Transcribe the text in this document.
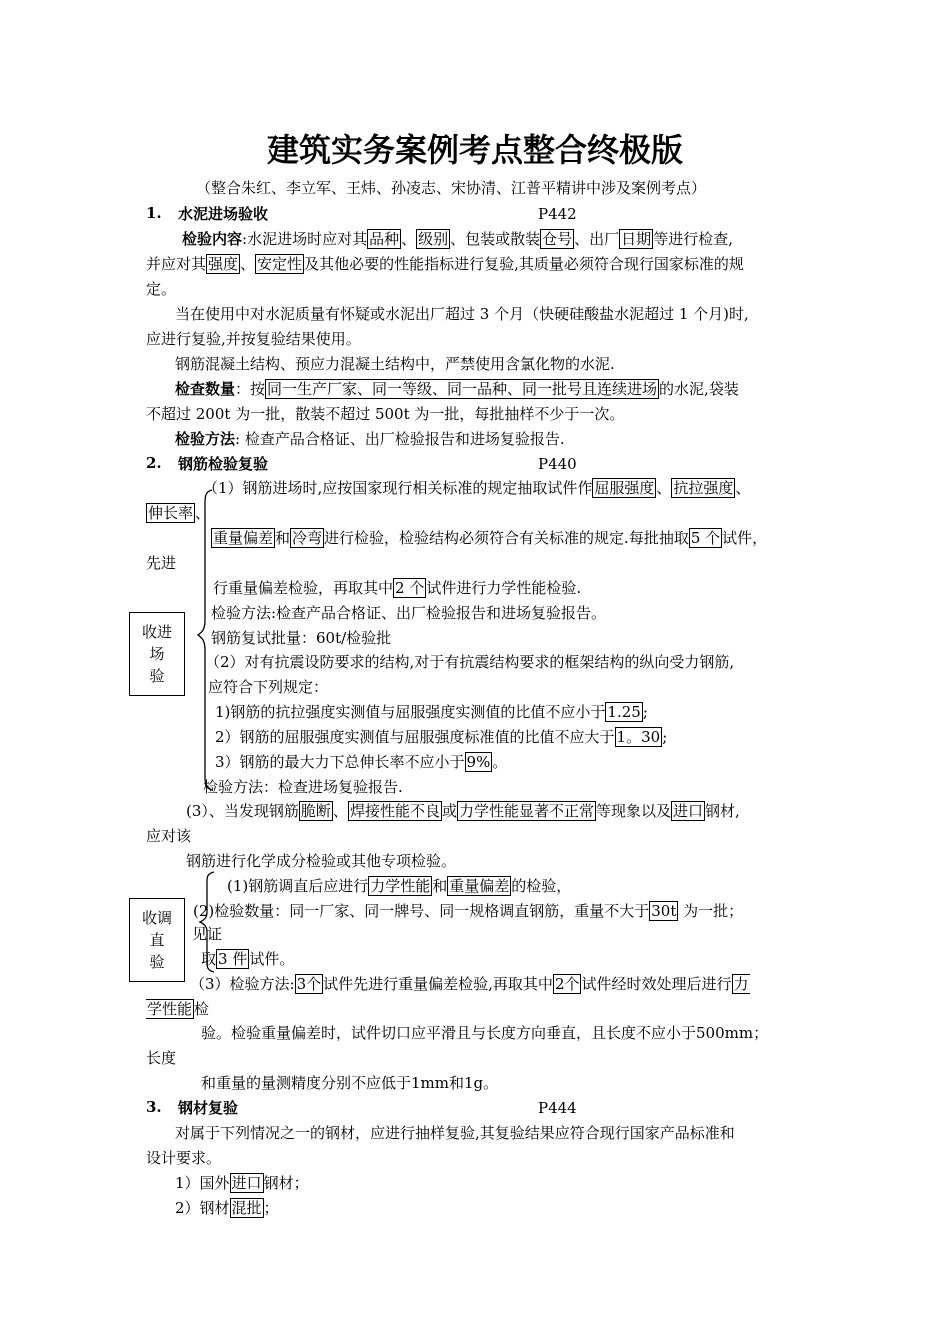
建筑实务案例考点整合终极版
（整合朱红、李立军、王炜、孙凌志、宋协清、江普平精讲中涉及案例考点）
1. 水泥进场验收	P442
检验内容:水泥进场时应对其 品种 、 级别 、包装或散装 仓号 、出厂 日期 等进行检查,
并应对其 强度 、 安定性 及其他必要的性能指标进行复验,其质量必须符合现行国家标准的规
定。
当在使用中对水泥质量有怀疑或水泥出厂超过 3 个月（快硬硅酸盐水泥超过 1 个月)时,
应进行复验,并按复验结果使用。
钢筋混凝土结构、预应力混凝土结构中，严禁使用含氯化物的水泥.
检查数量：按 同一生产厂家、同一等级、同一品种、同一批号且连续进场 的水泥,袋装
不超过 200t 为一批，散装不超过 500t 为一批，每批抽样不少于一次。
检验方法: 检查产品合格证、出厂检验报告和进场复验报告.
2. 钢筋检验复验	P440
（1）钢筋进场时,应按国家现行相关标准的规定抽取试件作 屈服强度 、 抗拉强度 、
伸长率 、
重量偏差 和 冷弯 进行检验，检验结构必须符合有关标准的规定.每批抽取 5 个 试件，
先进
行重量偏差检验，再取其中 2 个 试件进行力学性能检验.
检验方法:检查产品合格证、出厂检验报告和进场复验报告。
钢筋复试批量：60t/检验批
收进
场
验
（2）对有抗震设防要求的结构,对于有抗震结构要求的框架结构的纵向受力钢筋,
应符合下列规定：
1)钢筋的抗拉强度实测值与屈服强度实测值的比值不应小于 1.25 ;
2）钢筋的屈服强度实测值与屈服强度标准值的比值不应大于 1。30 ;
3）钢筋的最大力下总伸长率不应小于 9% 。
检验方法：检查进场复验报告.
(3）、当发现钢筋 脆断 、 焊接性能不良 或 力学性能显著不正常 等现象以及 进口 钢材,
应对该
钢筋进行化学成分检验或其他专项检验。
收调
直
验
(1)钢筋调直后应进行 力学性能 和 重量偏差 的检验，
(2)检验数量：同一厂家、同一牌号、同一规格调直钢筋，重量不大于 30t 为一批；
见证
取 3 件 试件。
（3）检验方法: 3个 试件先进行重量偏差检验,再取其中 2个 试件经时效处理后进行 力
学性能 检
验。检验重量偏差时，试件切口应平滑且与长度方向垂直，且长度不应小于500mm；
长度
和重量的量测精度分别不应低于1mm和1g。
3. 钢材复验	P444
对属于下列情况之一的钢材，应进行抽样复验,其复验结果应符合现行国家产品标准和
设计要求。
1）国外 进口 钢材；
2）钢材 混批 ；
